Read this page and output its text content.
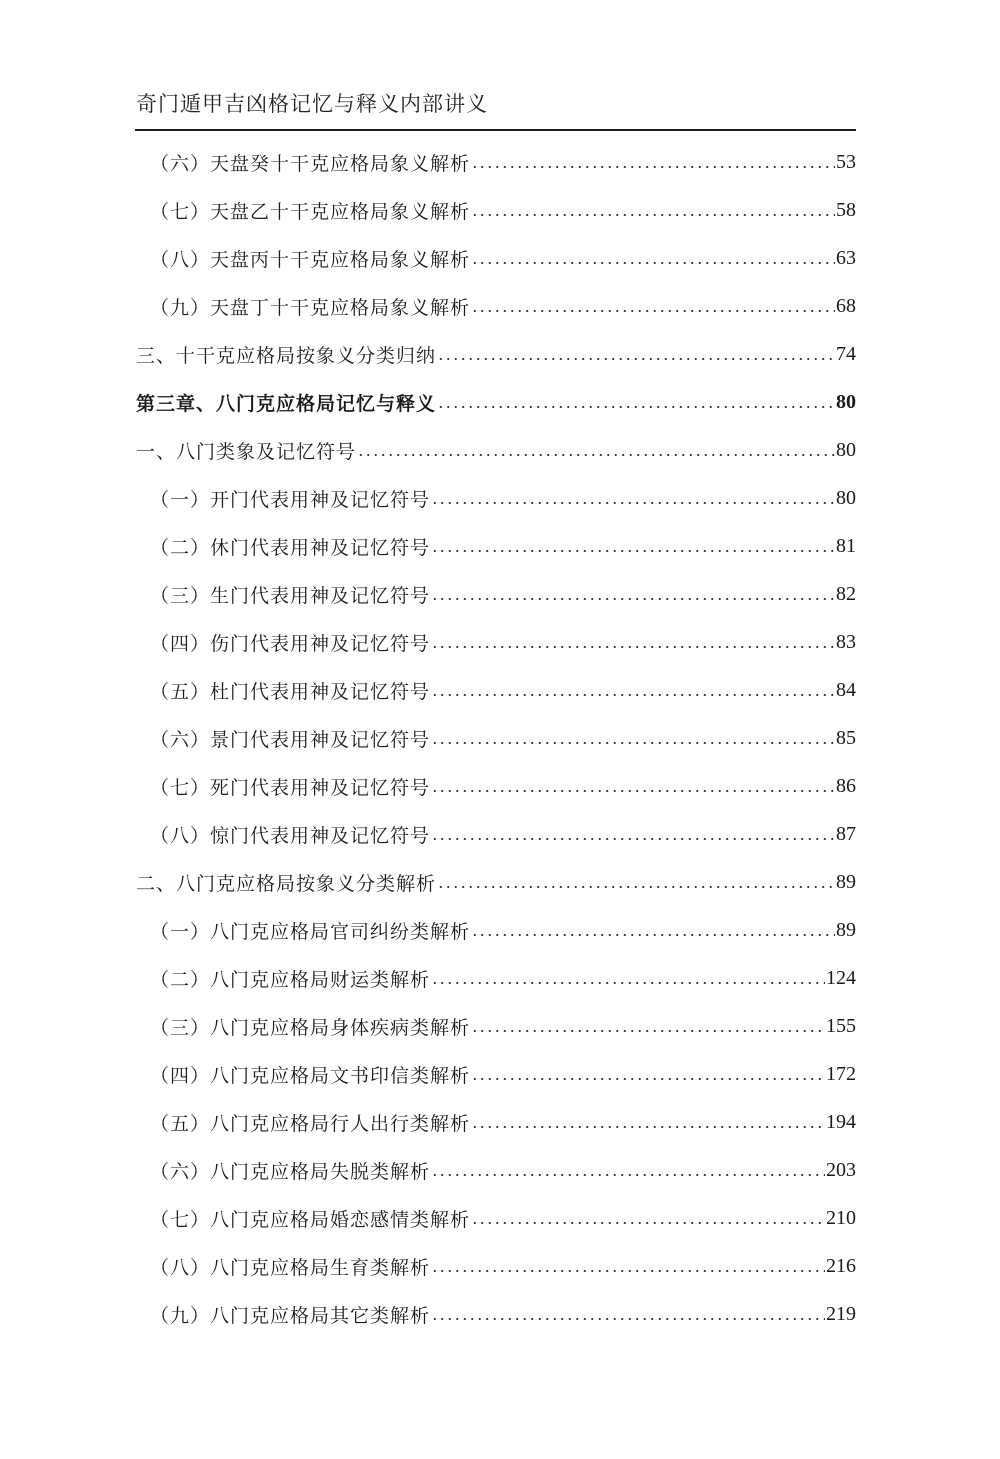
奇门遁甲吉凶格记忆与释义内部讲义
（六）天盘癸十干克应格局象义解析	53
（七）天盘乙十干克应格局象义解析	58
（八）天盘丙十干克应格局象义解析	63
（九）天盘丁十干克应格局象义解析	68
三、十干克应格局按象义分类归纳	74
第三章、八门克应格局记忆与释义	80
一、八门类象及记忆符号	80
（一）开门代表用神及记忆符号	80
（二）休门代表用神及记忆符号	81
（三）生门代表用神及记忆符号	82
（四）伤门代表用神及记忆符号	83
（五）杜门代表用神及记忆符号	84
（六）景门代表用神及记忆符号	85
（七）死门代表用神及记忆符号	86
（八）惊门代表用神及记忆符号	87
二、八门克应格局按象义分类解析	89
（一）八门克应格局官司纠纷类解析	89
（二）八门克应格局财运类解析	124
（三）八门克应格局身体疾病类解析	155
（四）八门克应格局文书印信类解析	172
（五）八门克应格局行人出行类解析	194
（六）八门克应格局失脱类解析	203
（七）八门克应格局婚恋感情类解析	210
（八）八门克应格局生育类解析	216
（九）八门克应格局其它类解析	219
